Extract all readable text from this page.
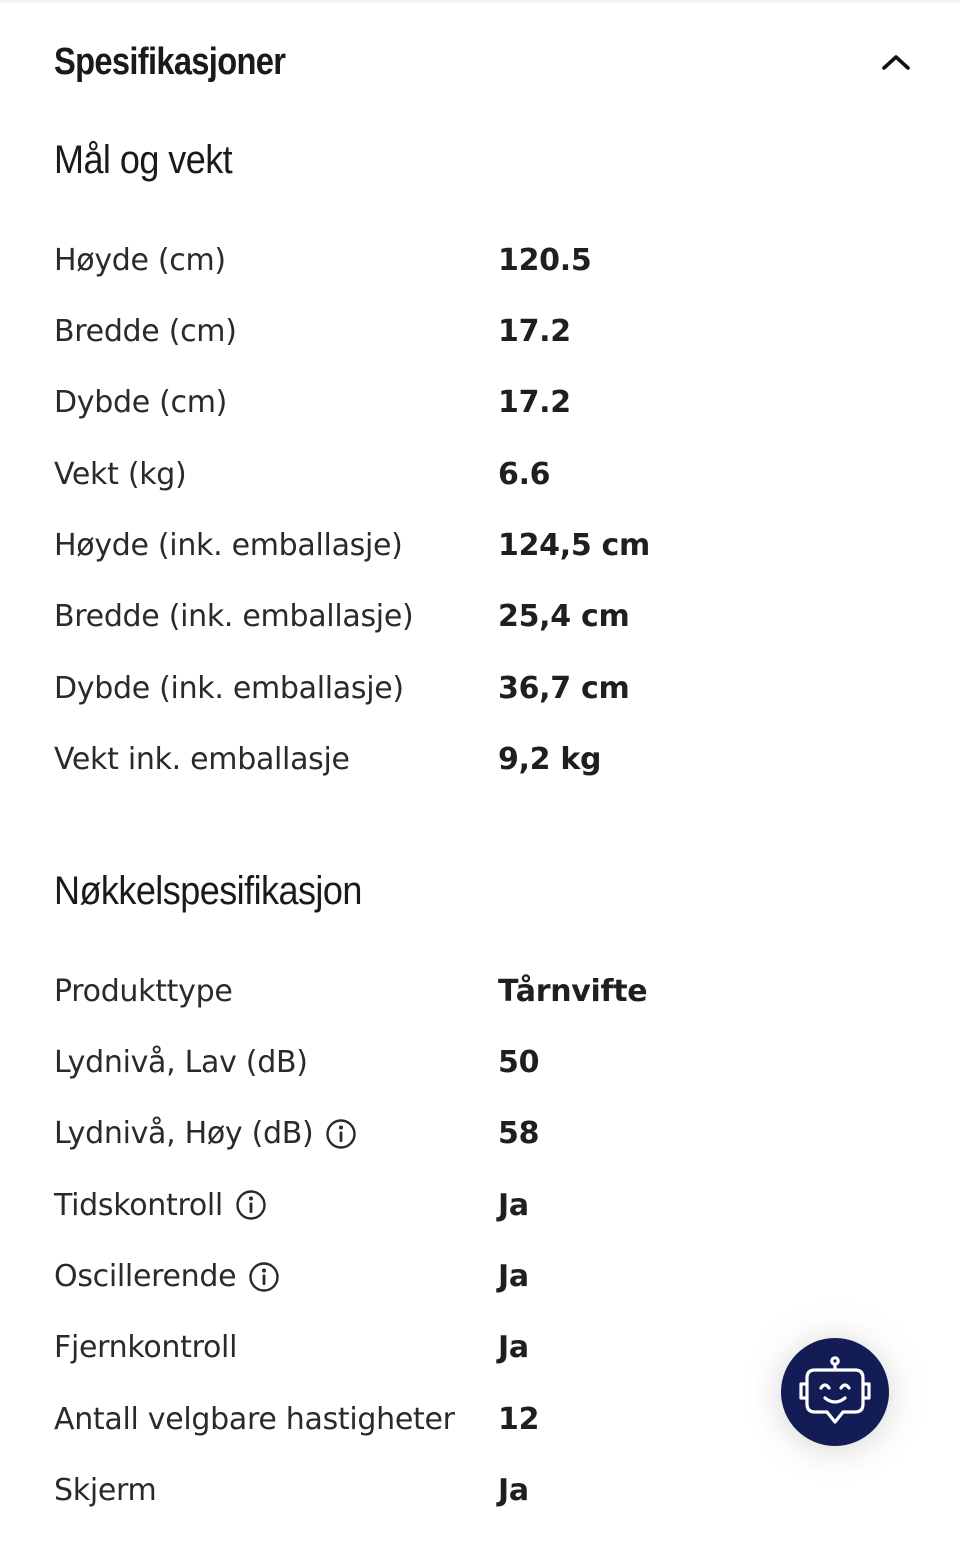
Spesifikasjoner
Mål og vekt
Høyde (cm)	120.5
Bredde (cm)	17.2
Dybde (cm)	17.2
Vekt (kg)	6.6
Høyde (ink. emballasje)	124,5 cm
Bredde (ink. emballasje)	25,4 cm
Dybde (ink. emballasje)	36,7 cm
Vekt ink. emballasje	9,2 kg
Nøkkelspesifikasjon
Produkttype	Tårnvifte
Lydnivå, Lav (dB)	50
Lydnivå, Høy (dB)	58
Tidskontroll	Ja
Oscillerende	Ja
Fjernkontroll	Ja
Antall velgbare hastigheter 12
Skjerm	Ja
